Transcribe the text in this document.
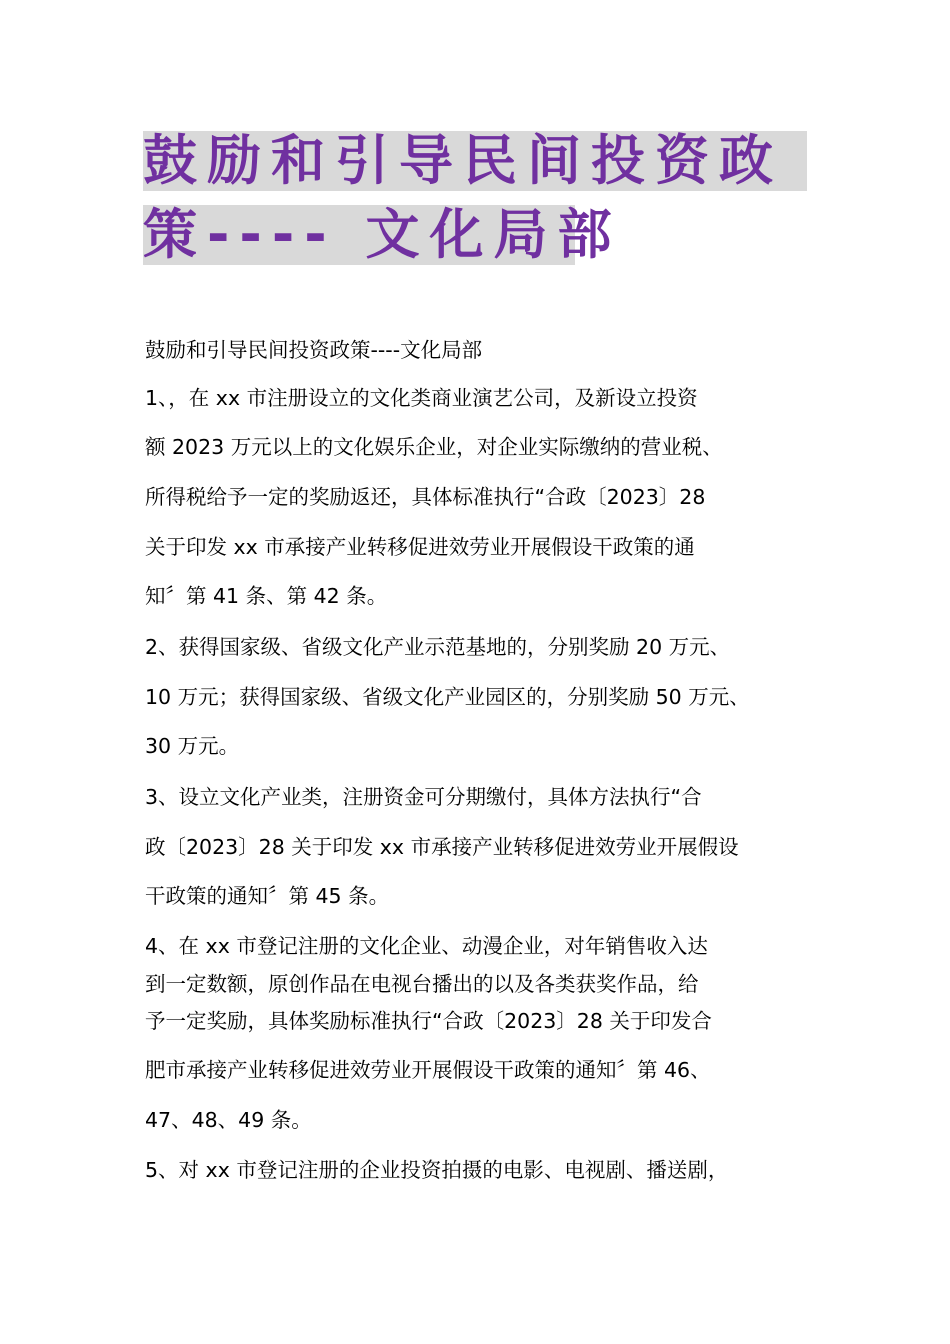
鼓励和引导民间投资政
策---- 文化局部
鼓励和引导民间投资政策----文化局部
1、，在 xx 市注册设立的文化类商业演艺公司，及新设立投资
额 2023 万元以上的文化娱乐企业，对企业实际缴纳的营业税、
所得税给予一定的奖励返还，具体标准执行“合政〔2023〕28
关于印发 xx 市承接产业转移促进效劳业开展假设干政策的通
知〞第 41 条、第 42 条。
2、获得国家级、省级文化产业示范基地的，分别奖励 20 万元、
10 万元；获得国家级、省级文化产业园区的，分别奖励 50 万元、
30 万元。
3、设立文化产业类，注册资金可分期缴付，具体方法执行“合
政〔2023〕28 关于印发 xx 市承接产业转移促进效劳业开展假设
干政策的通知〞第 45 条。
4、在 xx 市登记注册的文化企业、动漫企业，对年销售收入达
到一定数额，原创作品在电视台播出的以及各类获奖作品，给
予一定奖励，具体奖励标准执行“合政〔2023〕28 关于印发合
肥市承接产业转移促进效劳业开展假设干政策的通知〞第 46、
47、48、49 条。
5、对 xx 市登记注册的企业投资拍摄的电影、电视剧、播送剧，
